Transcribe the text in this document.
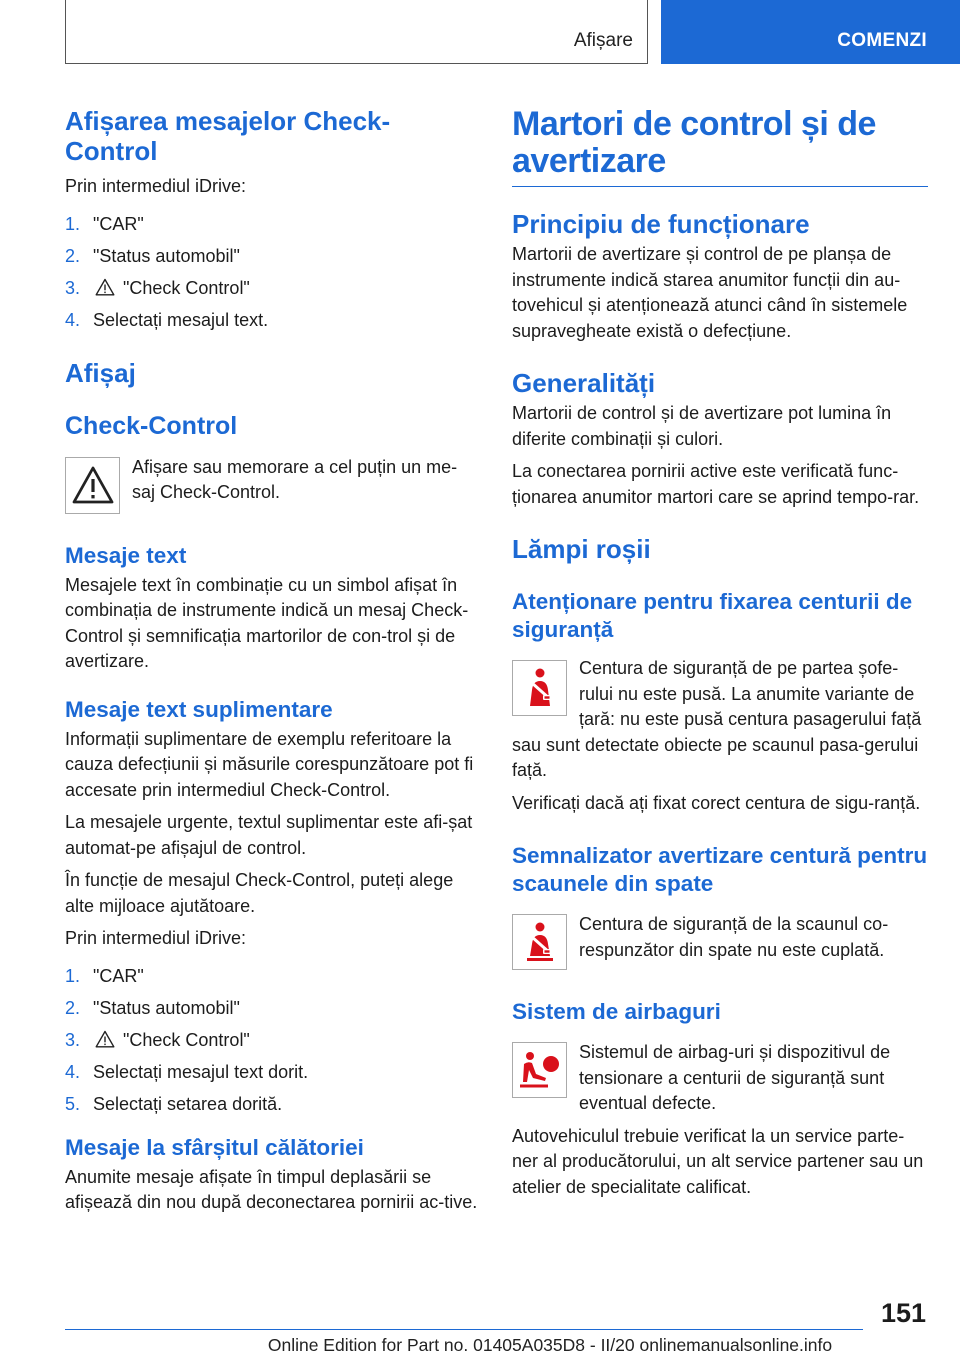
Afișare	COMENZI
Afișarea mesajelor Check-Control

Prin intermediul iDrive:

1. "CAR"
2. "Status automobil"
3. "Check Control"
4. Selectați mesajul text.
Afișaj
Check-Control

Afișare sau memorare a cel puțin un me-saj Check-Control.

Mesaje text

Mesajele text în combinație cu un simbol afișat în combinația de instrumente indică un mesaj Check-Control și semnificația martorilor de con-trol și de avertizare.

Mesaje text suplimentare

Informații suplimentare de exemplu referitoare la cauza defecțiunii și măsurile corespunzătoare pot fi accesate prin intermediul Check-Control.

La mesajele urgente, textul suplimentar este afi-șat automat-pe afișajul de control.

În funcție de mesajul Check-Control, puteți alege alte mijloace ajutătoare.

Prin intermediul iDrive:

1. "CAR"
2. "Status automobil"
3. "Check Control"
4. Selectați mesajul text dorit.
5. Selectați setarea dorită.
Mesaje la sfârșitul călătoriei

Anumite mesaje afișate în timpul deplasării se afișează din nou după deconectarea pornirii ac-tive.

Martori de control și de avertizare
Principiu de funcționare

Martorii de avertizare și control de pe planșa de instrumente indică starea anumitor funcții din au-tovehicul și atenționează atunci când în sistemele supravegheate există o defecțiune.

Generalități

Martorii de control și de avertizare pot lumina în diferite combinații și culori.

La conectarea pornirii active este verificată func-ționarea anumitor martori care se aprind tempo-rar.

Lămpi roșii
Atenționare pentru fixarea centurii de siguranță

Centura de siguranță de pe partea șofe-rului nu este pusă. La anumite variante de țară: nu este pusă centura pasagerului față sau sunt detectate obiecte pe scaunul pasa-gerului față.

Verificați dacă ați fixat corect centura de sigu-ranță.

Semnalizator avertizare centură pentru scaunele din spate

Centura de siguranță de la scaunul co-respunzător din spate nu este cuplată.

Sistem de airbaguri

Sistemul de airbag-uri și dispozitivul de tensionare a centurii de siguranță sunt eventual defecte.

Autovehiculul trebuie verificat la un service parte-ner al producătorului, un alt service partener sau un atelier de specialitate calificat.

151
Online Edition for Part no. 01405A035D8 - II/20 onlinemanualsonline.info
